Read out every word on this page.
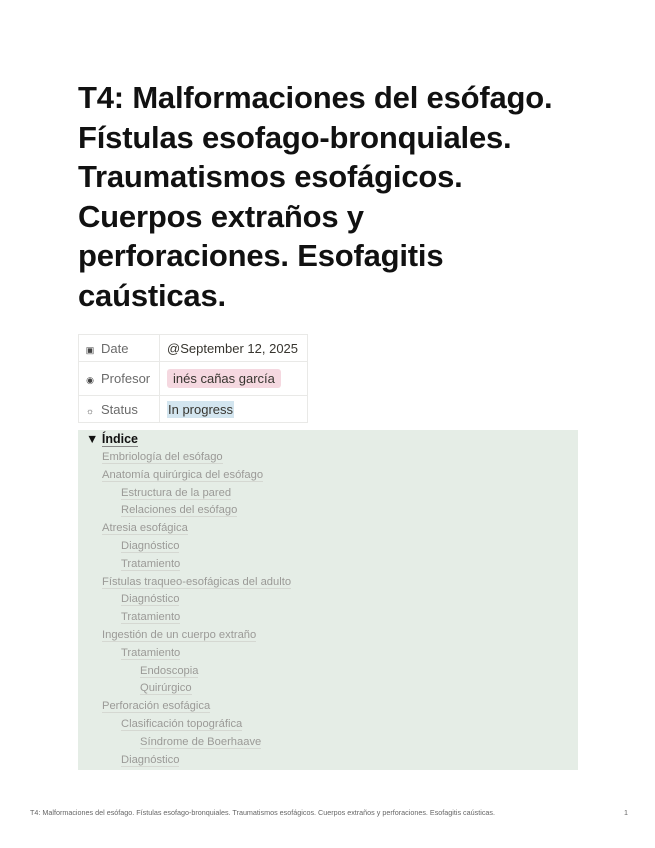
T4: Malformaciones del esófago. Fístulas esofago-bronquiales. Traumatismos esofágicos. Cuerpos extraños y perforaciones. Esofagitis caústicas.
▣ Date	@September 12, 2025
◉ Profesor	inés cañas garcía
☼ Status	In progress
▼ Índice
Embriología del esófago
Anatomía quirúrgica del esófago
Estructura de la pared
Relaciones del esófago
Atresia esofágica
Diagnóstico
Tratamiento
Fístulas traqueo-esofágicas del adulto
Diagnóstico
Tratamiento
Ingestión de un cuerpo extraño
Tratamiento
Endoscopia
Quirúrgico
Perforación esofágica
Clasificación topográfica
Síndrome de Boerhaave
Diagnóstico
T4: Malformaciones del esófago. Fístulas esofago-bronquiales. Traumatismos esofágicos. Cuerpos extraños y perforaciones. Esofagitis caústicas.	1
